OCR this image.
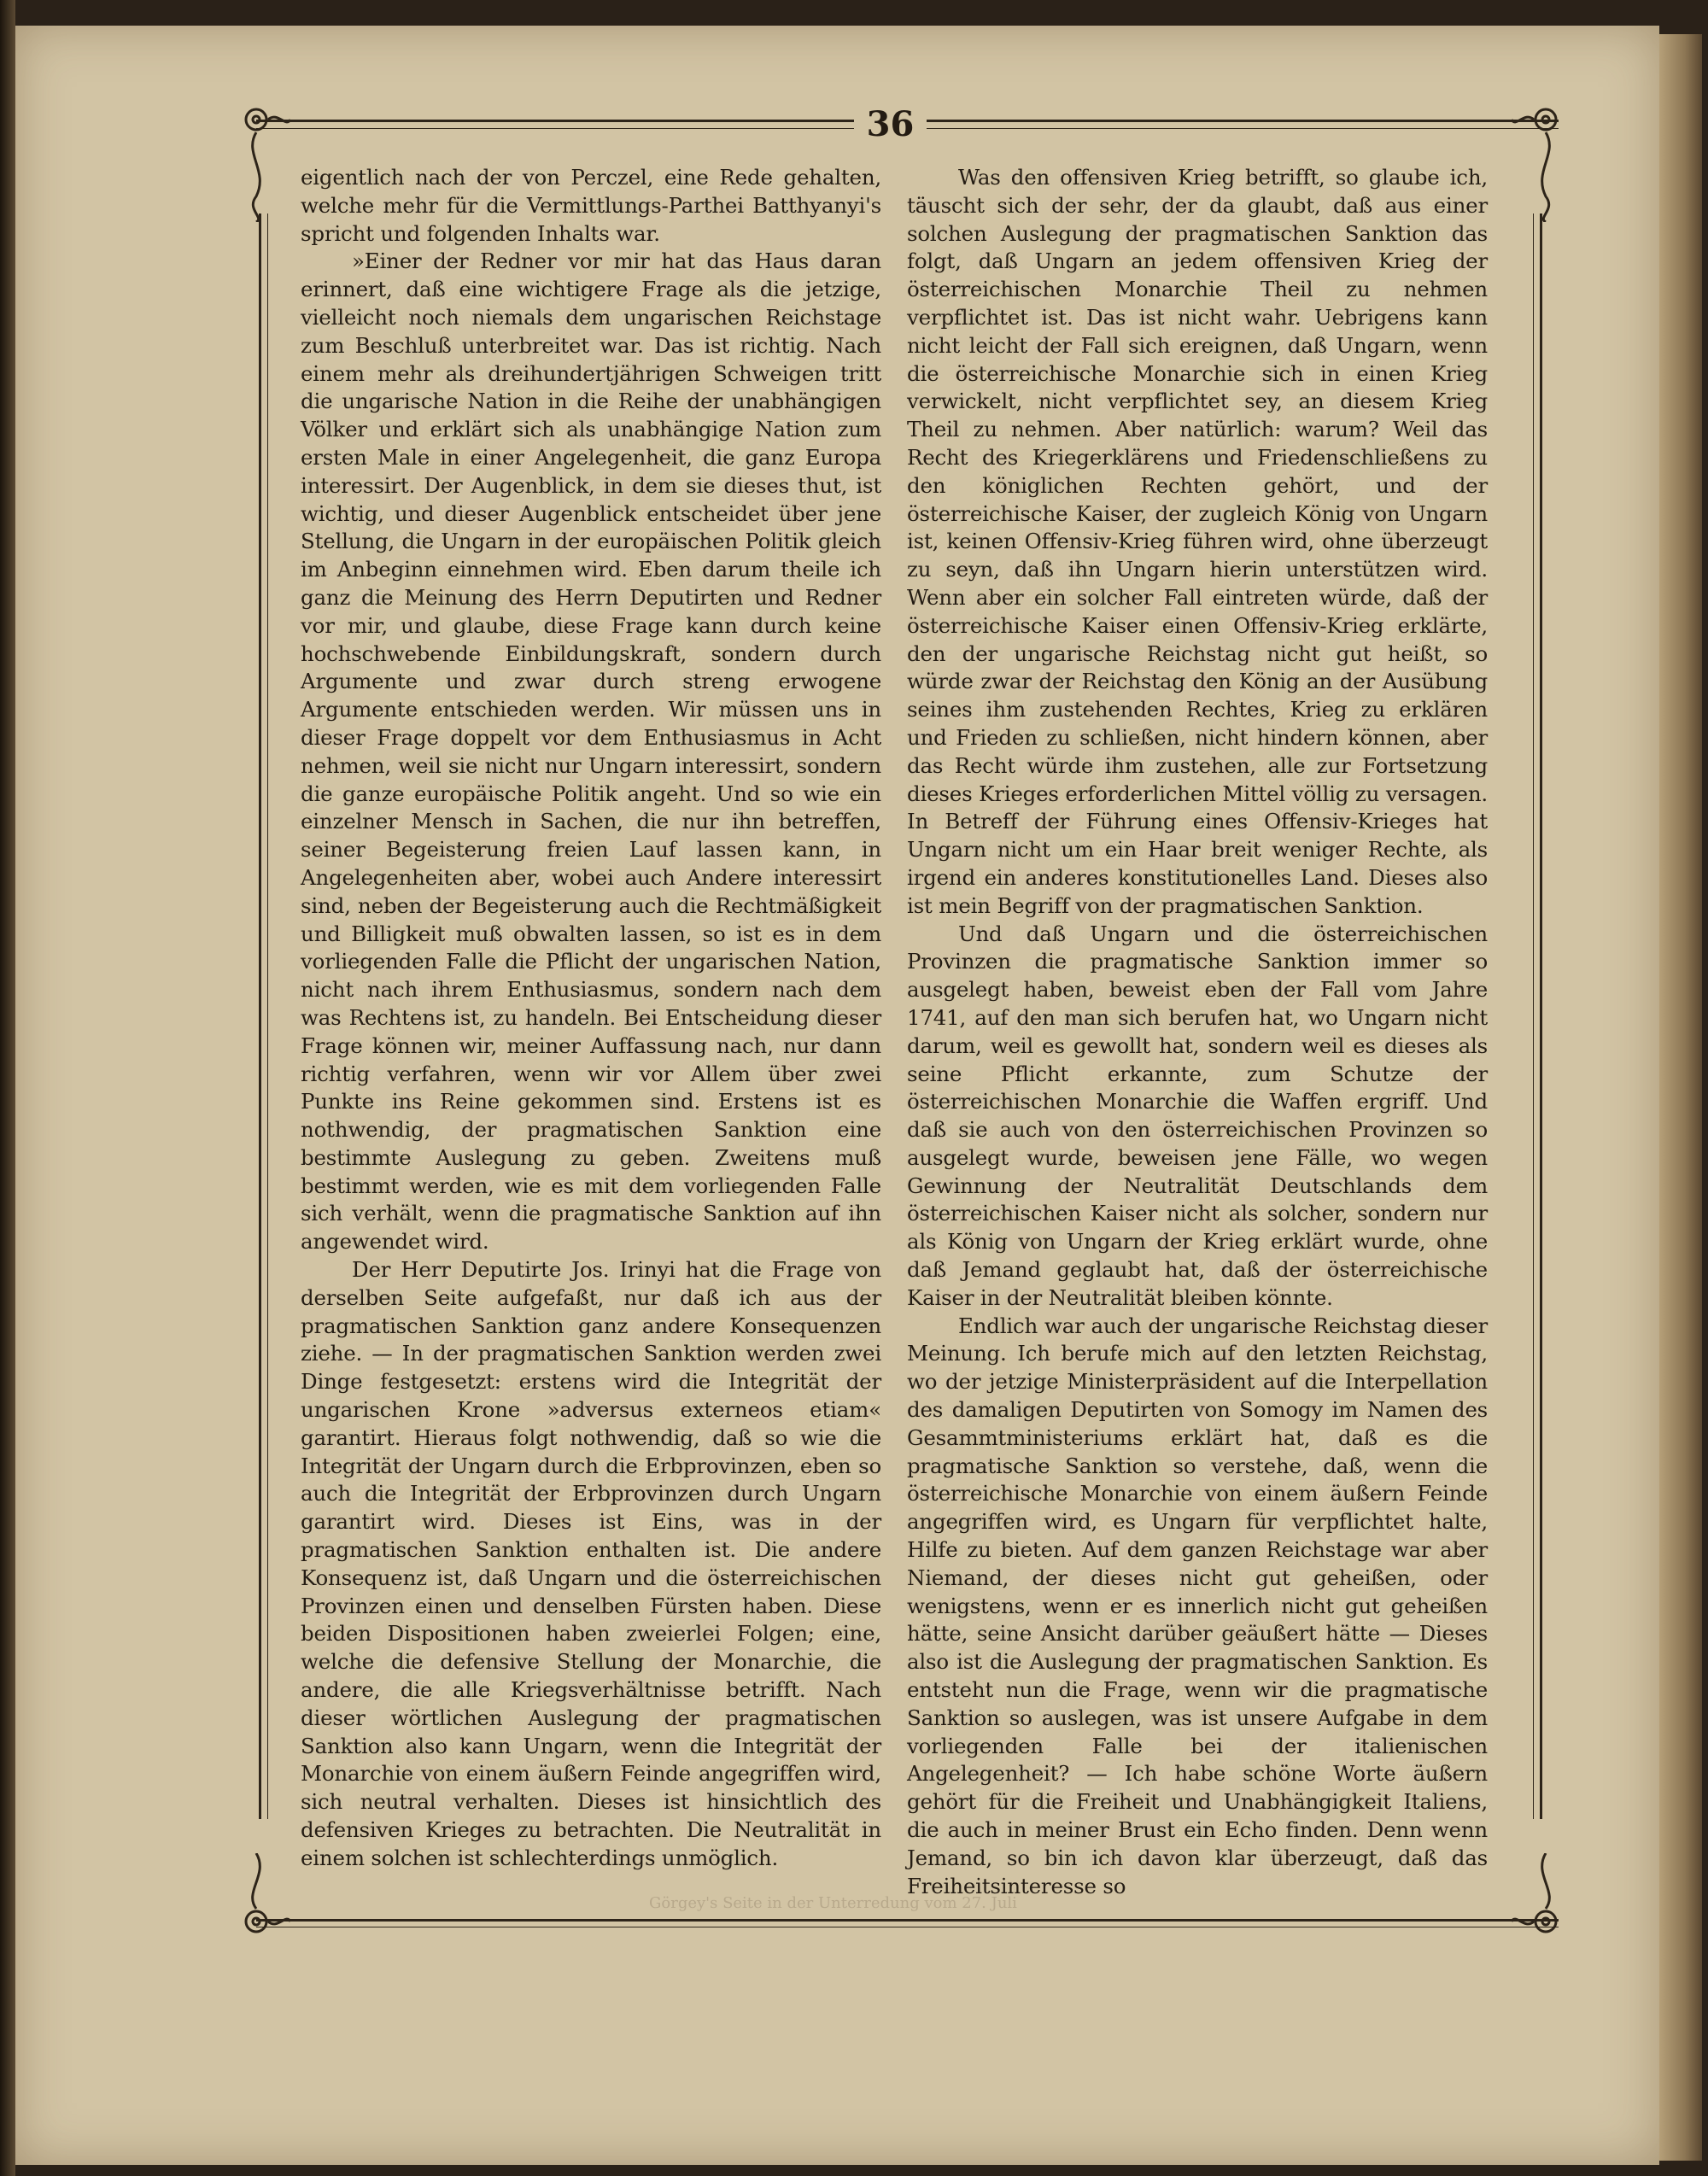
36

eigentlich nach der von Perczel, eine Rede gehalten, welche mehr für die Vermittlungs-Parthei Batthyanyi's spricht und folgenden Inhalts war.

»Einer der Redner vor mir hat das Haus daran erinnert, daß eine wichtigere Frage als die jetzige, vielleicht noch niemals dem ungarischen Reichstage zum Beschluß unterbreitet war. Das ist richtig. Nach einem mehr als dreihundertjährigen Schweigen tritt die ungarische Nation in die Reihe der unabhängigen Völker und erklärt sich als unabhängige Nation zum ersten Male in einer Angelegenheit, die ganz Europa interessirt. Der Augenblick, in dem sie dieses thut, ist wichtig, und dieser Augenblick entscheidet über jene Stellung, die Ungarn in der europäischen Politik gleich im Anbeginn einnehmen wird. Eben darum theile ich ganz die Meinung des Herrn Deputirten und Redner vor mir, und glaube, diese Frage kann durch keine hochschwebende Einbildungskraft, sondern durch Argumente und zwar durch streng erwogene Argumente entschieden werden. Wir müssen uns in dieser Frage doppelt vor dem Enthusiasmus in Acht nehmen, weil sie nicht nur Ungarn interessirt, sondern die ganze europäische Politik angeht. Und so wie ein einzelner Mensch in Sachen, die nur ihn betreffen, seiner Begeisterung freien Lauf lassen kann, in Angelegenheiten aber, wobei auch Andere interessirt sind, neben der Begeisterung auch die Rechtmäßigkeit und Billigkeit muß obwalten lassen, so ist es in dem vorliegenden Falle die Pflicht der ungarischen Nation, nicht nach ihrem Enthusiasmus, sondern nach dem was Rechtens ist, zu handeln. Bei Entscheidung dieser Frage können wir, meiner Auffassung nach, nur dann richtig verfahren, wenn wir vor Allem über zwei Punkte ins Reine gekommen sind. Erstens ist es nothwendig, der pragmatischen Sanktion eine bestimmte Auslegung zu geben. Zweitens muß bestimmt werden, wie es mit dem vorliegenden Falle sich verhält, wenn die pragmatische Sanktion auf ihn angewendet wird.

Der Herr Deputirte Jos. Irinyi hat die Frage von derselben Seite aufgefaßt, nur daß ich aus der pragmatischen Sanktion ganz andere Konsequenzen ziehe. — In der pragmatischen Sanktion werden zwei Dinge festgesetzt: erstens wird die Integrität der ungarischen Krone »adversus externeos etiam« garantirt. Hieraus folgt nothwendig, daß so wie die Integrität der Ungarn durch die Erbprovinzen, eben so auch die Integrität der Erbprovinzen durch Ungarn garantirt wird. Dieses ist Eins, was in der pragmatischen Sanktion enthalten ist. Die andere Konsequenz ist, daß Ungarn und die österreichischen Provinzen einen und denselben Fürsten haben. Diese beiden Dispositionen haben zweierlei Folgen; eine, welche die defensive Stellung der Monarchie, die andere, die alle Kriegsverhältnisse betrifft. Nach dieser wörtlichen Auslegung der pragmatischen Sanktion also kann Ungarn, wenn die Integrität der Monarchie von einem äußern Feinde angegriffen wird, sich neutral verhalten. Dieses ist hinsichtlich des defensiven Krieges zu betrachten. Die Neutralität in einem solchen ist schlechterdings unmöglich.

Was den offensiven Krieg betrifft, so glaube ich, täuscht sich der sehr, der da glaubt, daß aus einer solchen Auslegung der pragmatischen Sanktion das folgt, daß Ungarn an jedem offensiven Krieg der österreichischen Monarchie Theil zu nehmen verpflichtet ist. Das ist nicht wahr. Uebrigens kann nicht leicht der Fall sich ereignen, daß Ungarn, wenn die österreichische Monarchie sich in einen Krieg verwickelt, nicht verpflichtet sey, an diesem Krieg Theil zu nehmen. Aber natürlich: warum? Weil das Recht des Kriegerklärens und Friedenschließens zu den königlichen Rechten gehört, und der österreichische Kaiser, der zugleich König von Ungarn ist, keinen Offensiv-Krieg führen wird, ohne überzeugt zu seyn, daß ihn Ungarn hierin unterstützen wird. Wenn aber ein solcher Fall eintreten würde, daß der österreichische Kaiser einen Offensiv-Krieg erklärte, den der ungarische Reichstag nicht gut heißt, so würde zwar der Reichstag den König an der Ausübung seines ihm zustehenden Rechtes, Krieg zu erklären und Frieden zu schließen, nicht hindern können, aber das Recht würde ihm zustehen, alle zur Fortsetzung dieses Krieges erforderlichen Mittel völlig zu versagen. In Betreff der Führung eines Offensiv-Krieges hat Ungarn nicht um ein Haar breit weniger Rechte, als irgend ein anderes konstitutionelles Land. Dieses also ist mein Begriff von der pragmatischen Sanktion.

Und daß Ungarn und die österreichischen Provinzen die pragmatische Sanktion immer so ausgelegt haben, beweist eben der Fall vom Jahre 1741, auf den man sich berufen hat, wo Ungarn nicht darum, weil es gewollt hat, sondern weil es dieses als seine Pflicht erkannte, zum Schutze der österreichischen Monarchie die Waffen ergriff. Und daß sie auch von den österreichischen Provinzen so ausgelegt wurde, beweisen jene Fälle, wo wegen Gewinnung der Neutralität Deutschlands dem österreichischen Kaiser nicht als solcher, sondern nur als König von Ungarn der Krieg erklärt wurde, ohne daß Jemand geglaubt hat, daß der österreichische Kaiser in der Neutralität bleiben könnte.

Endlich war auch der ungarische Reichstag dieser Meinung. Ich berufe mich auf den letzten Reichstag, wo der jetzige Ministerpräsident auf die Interpellation des damaligen Deputirten von Somogy im Namen des Gesammtministeriums erklärt hat, daß es die pragmatische Sanktion so verstehe, daß, wenn die österreichische Monarchie von einem äußern Feinde angegriffen wird, es Ungarn für verpflichtet halte, Hilfe zu bieten. Auf dem ganzen Reichstage war aber Niemand, der dieses nicht gut geheißen, oder wenigstens, wenn er es innerlich nicht gut geheißen hätte, seine Ansicht darüber geäußert hätte — Dieses also ist die Auslegung der pragmatischen Sanktion. Es entsteht nun die Frage, wenn wir die pragmatische Sanktion so auslegen, was ist unsere Aufgabe in dem vorliegenden Falle bei der italienischen Angelegenheit? — Ich habe schöne Worte äußern gehört für die Freiheit und Unabhängigkeit Italiens, die auch in meiner Brust ein Echo finden. Denn wenn Jemand, so bin ich davon klar überzeugt, daß das Freiheitsinteresse so

Görgey's Seite in der Unterredung vom 27. Juli
